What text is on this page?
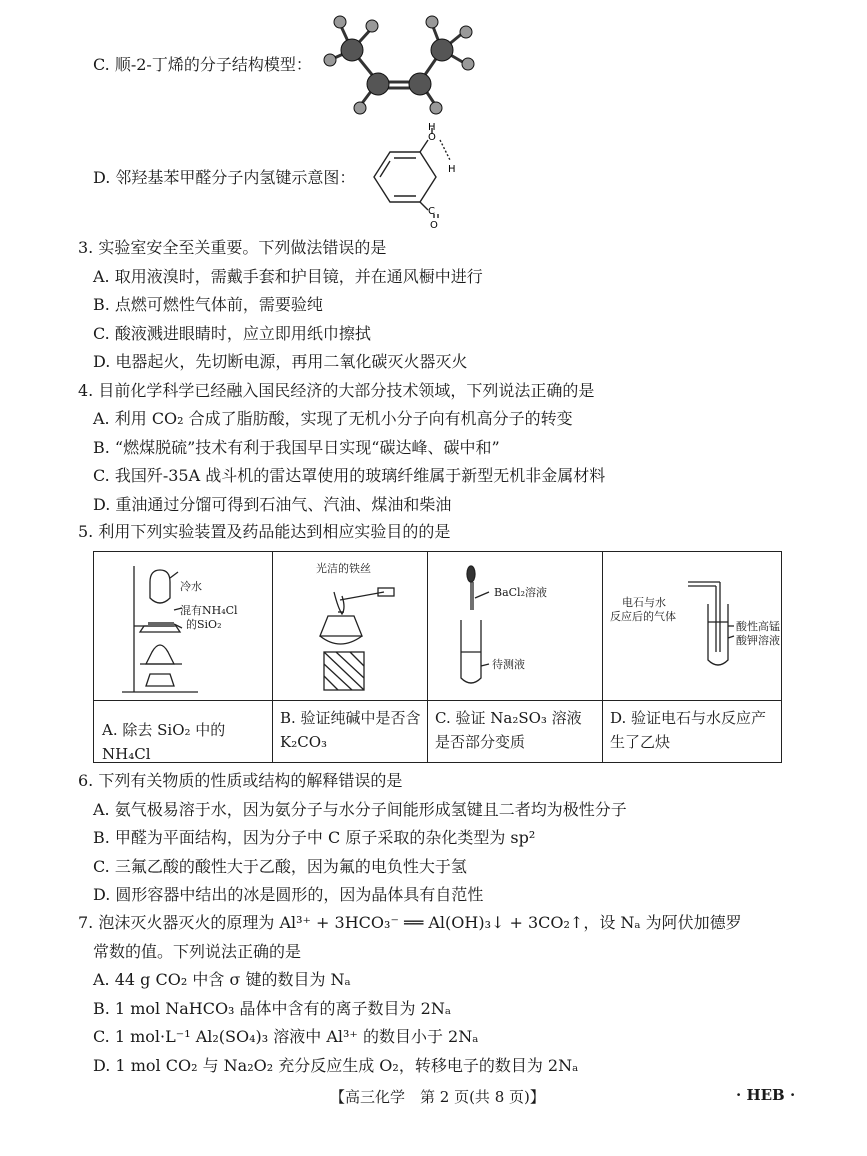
C. 顺-2-丁烯的分子结构模型：
D. 邻羟基苯甲醛分子内氢键示意图：
H
O
H
C
O
3. 实验室安全至关重要。下列做法错误的是
A. 取用液溴时，需戴手套和护目镜，并在通风橱中进行
B. 点燃可燃性气体前，需要验纯
C. 酸液溅进眼睛时，应立即用纸巾擦拭
D. 电器起火，先切断电源，再用二氧化碳灭火器灭火
4. 目前化学科学已经融入国民经济的大部分技术领域，下列说法正确的是
A. 利用 CO₂ 合成了脂肪酸，实现了无机小分子向有机高分子的转变
B. “燃煤脱硫”技术有利于我国早日实现“碳达峰、碳中和”
C. 我国歼-35A 战斗机的雷达罩使用的玻璃纤维属于新型无机非金属材料
D. 重油通过分馏可得到石油气、汽油、煤油和柴油
5. 利用下列实验装置及药品能达到相应实验目的的是
冷水
混有NH₄Cl
的SiO₂
光洁的铁丝
BaCl₂溶液
待测液
电石与水
反应后的气体
酸性高锰
酸钾溶液
A. 除去 SiO₂ 中的 NH₄Cl
B. 验证纯碱中是否含 K₂CO₃
C. 验证 Na₂SO₃ 溶液是否部分变质
D. 验证电石与水反应产生了乙炔
6. 下列有关物质的性质或结构的解释错误的是
A. 氨气极易溶于水，因为氨分子与水分子间能形成氢键且二者均为极性分子
B. 甲醛为平面结构，因为分子中 C 原子采取的杂化类型为 sp²
C. 三氟乙酸的酸性大于乙酸，因为氟的电负性大于氢
D. 圆形容器中结出的冰是圆形的，因为晶体具有自范性
7. 泡沫灭火器灭火的原理为 Al³⁺ + 3HCO₃⁻ ══ Al(OH)₃↓ + 3CO₂↑，设 Nₐ 为阿伏加德罗
常数的值。下列说法正确的是
A. 44 g CO₂ 中含 σ 键的数目为 Nₐ
B. 1 mol NaHCO₃ 晶体中含有的离子数目为 2Nₐ
C. 1 mol·L⁻¹ Al₂(SO₄)₃ 溶液中 Al³⁺ 的数目小于 2Nₐ
D. 1 mol CO₂ 与 Na₂O₂ 充分反应生成 O₂，转移电子的数目为 2Nₐ
【高三化学　第 2 页(共 8 页)】	· HEB ·
